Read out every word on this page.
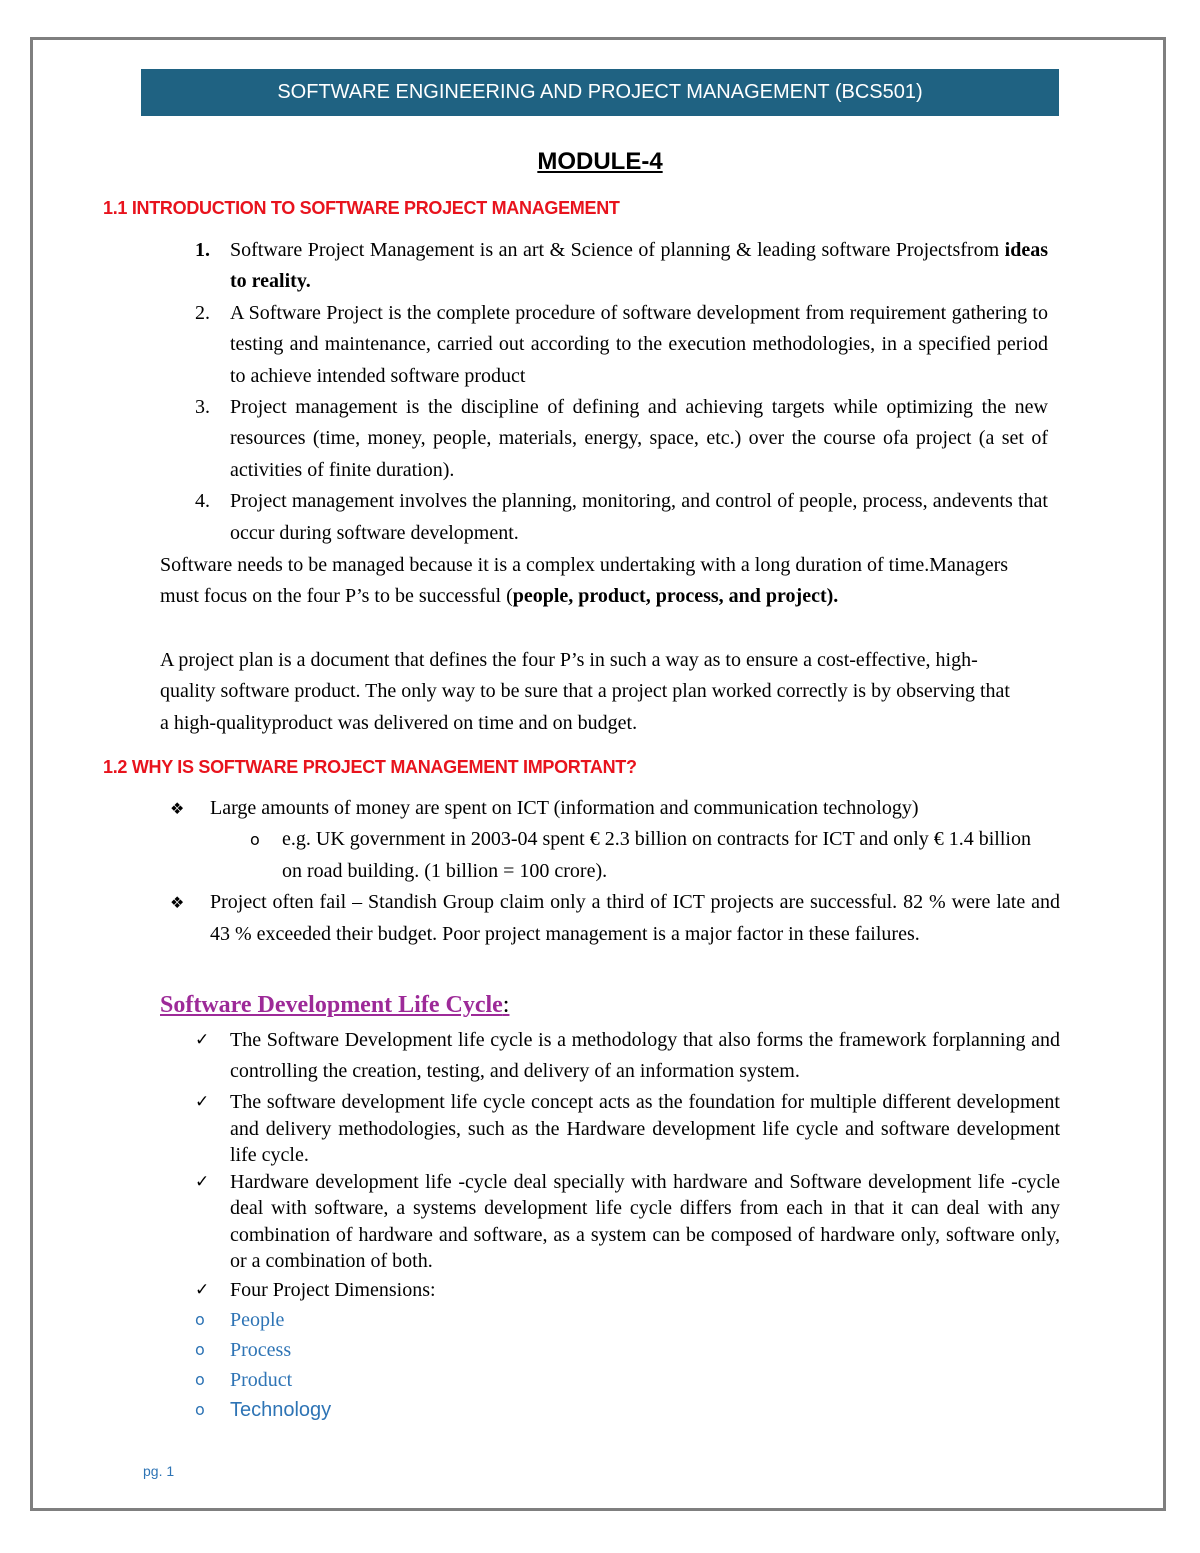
SOFTWARE ENGINEERING AND PROJECT MANAGEMENT (BCS501)
MODULE-4
1.1 INTRODUCTION TO SOFTWARE PROJECT MANAGEMENT
1.	Software Project Management is an art & Science of planning & leading software Projectsfrom ideas to reality.
2.	A Software Project is the complete procedure of software development from requirement gathering to testing and maintenance, carried out according to the execution methodologies, in a specified period to achieve intended software product
3.	Project management is the discipline of defining and achieving targets while optimizing the new resources (time, money, people, materials, energy, space, etc.) over the course ofa project (a set of activities of finite duration).
4.	Project management involves the planning, monitoring, and control of people, process, andevents that occur during software development.
Software needs to be managed because it is a complex undertaking with a long duration of time.Managers must focus on the four P’s to be successful (people, product, process, and project).
A project plan is a document that defines the four P’s in such a way as to ensure a cost-effective, high-quality software product. The only way to be sure that a project plan worked correctly is by observing that a high-qualityproduct was delivered on time and on budget.
1.2 WHY IS SOFTWARE PROJECT MANAGEMENT IMPORTANT?
❖	Large amounts of money are spent on ICT (information and communication technology)
o	e.g. UK government in 2003-04 spent € 2.3 billion on contracts for ICT and only € 1.4 billion on road building. (1 billion = 100 crore).
❖	Project often fail – Standish Group claim only a third of ICT projects are successful. 82 % were late and 43 % exceeded their budget. Poor project management is a major factor in these failures.
Software Development Life Cycle:
✓	The Software Development life cycle is a methodology that also forms the framework forplanning and controlling the creation, testing, and delivery of an information system.
✓	The software development life cycle concept acts as the foundation for multiple different development and delivery methodologies, such as the Hardware development life cycle and software development life cycle.
✓	Hardware development life -cycle deal specially with hardware and Software development life -cycle deal with software, a systems development life cycle differs from each in that it can deal with any combination of hardware and software, as a system can be composed of hardware only, software only, or a combination of both.
✓	Four Project Dimensions:
o	People
o	Process
o	Product
o	Technology
pg. 1
